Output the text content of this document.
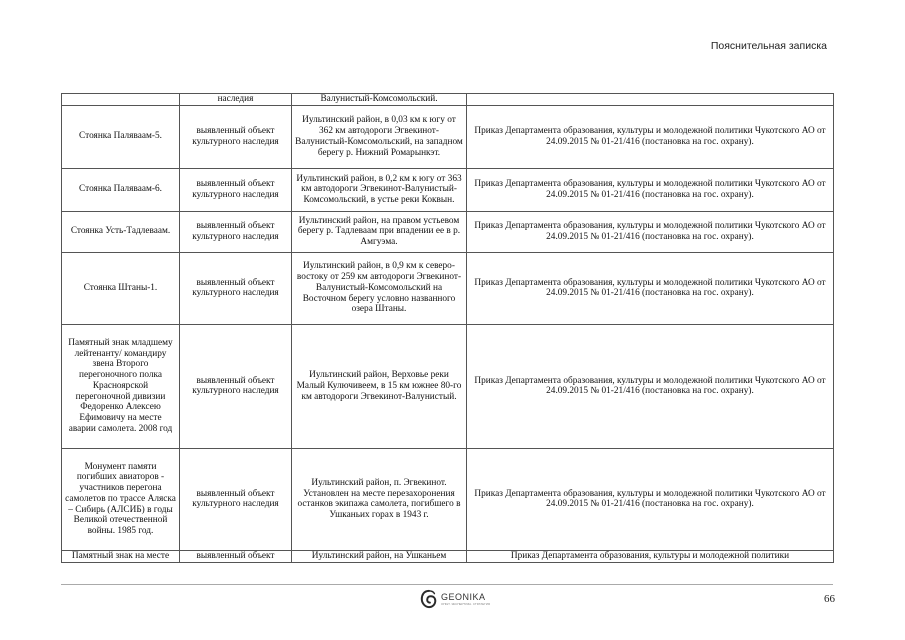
Пояснительная записка
	наследия	Валунистый-Комсомольский.	
Стоянка Паляваам-5.	выявленный объект культурного наследия	Иультинский район, в 0,03 км к югу от 362 км автодороги Эгвекинот-Валунистый-Комсомольский, на западном берегу р. Нижний Ромарынкэт.	Приказ Департамента образования, культуры и молодежной политики Чукотского АО от 24.09.2015 № 01-21/416 (постановка на гос. охрану).
Стоянка Паляваам-6.	выявленный объект культурного наследия	Иультинский район, в 0,2 км к югу от 363 км автодороги Эгвекинот-Валунистый-Комсомольский, в устье реки Коквын.	Приказ Департамента образования, культуры и молодежной политики Чукотского АО от 24.09.2015 № 01-21/416 (постановка на гос. охрану).
Стоянка Усть-Тадлеваам.	выявленный объект культурного наследия	Иультинский район, на правом устьевом берегу р. Тадлеваам при впадении ее в р. Амгуэма.	Приказ Департамента образования, культуры и молодежной политики Чукотского АО от 24.09.2015 № 01-21/416 (постановка на гос. охрану).
Стоянка Штаны-1.	выявленный объект культурного наследия	Иультинский район, в 0,9 км к северо-востоку от 259 км автодороги Эгвекинот-Валунистый-Комсомольский на Восточном берегу условно названного озера Штаны.	Приказ Департамента образования, культуры и молодежной политики Чукотского АО от 24.09.2015 № 01-21/416 (постановка на гос. охрану).
Памятный знак младшему лейтенанту/ командиру звена Второго перегоночного полка Красноярской перегоночной дивизии Федоренко Алексею Ефимовичу на месте аварии самолета. 2008 год	выявленный объект культурного наследия	Иультинский район, Верховье реки Малый Кулючивеем, в 15 км южнее 80-го км автодороги Эгвекинот-Валунистый.	Приказ Департамента образования, культуры и молодежной политики Чукотского АО от 24.09.2015 № 01-21/416 (постановка на гос. охрану).
Монумент памяти погибших авиаторов - участников перегона самолетов по трассе Аляска – Сибирь (АЛСИБ) в годы Великой отечественной войны. 1985 год.	выявленный объект культурного наследия	Иультинский район, п. Эгвекинот. Установлен на месте перезахоронения останков экипажа самолета, погибшего в Ушканьих горах в 1943 г.	Приказ Департамента образования, культуры и молодежной политики Чукотского АО от 24.09.2015 № 01-21/416 (постановка на гос. охрану).
Памятный знак на месте	выявленный объект	Иультинский район, на Ушканьем	Приказ Департамента образования, культуры и молодежной политики
GEONIKA
ОПЫТ. ЭКСПЕРТИЗА. СТРАТЕГИЯ	66
